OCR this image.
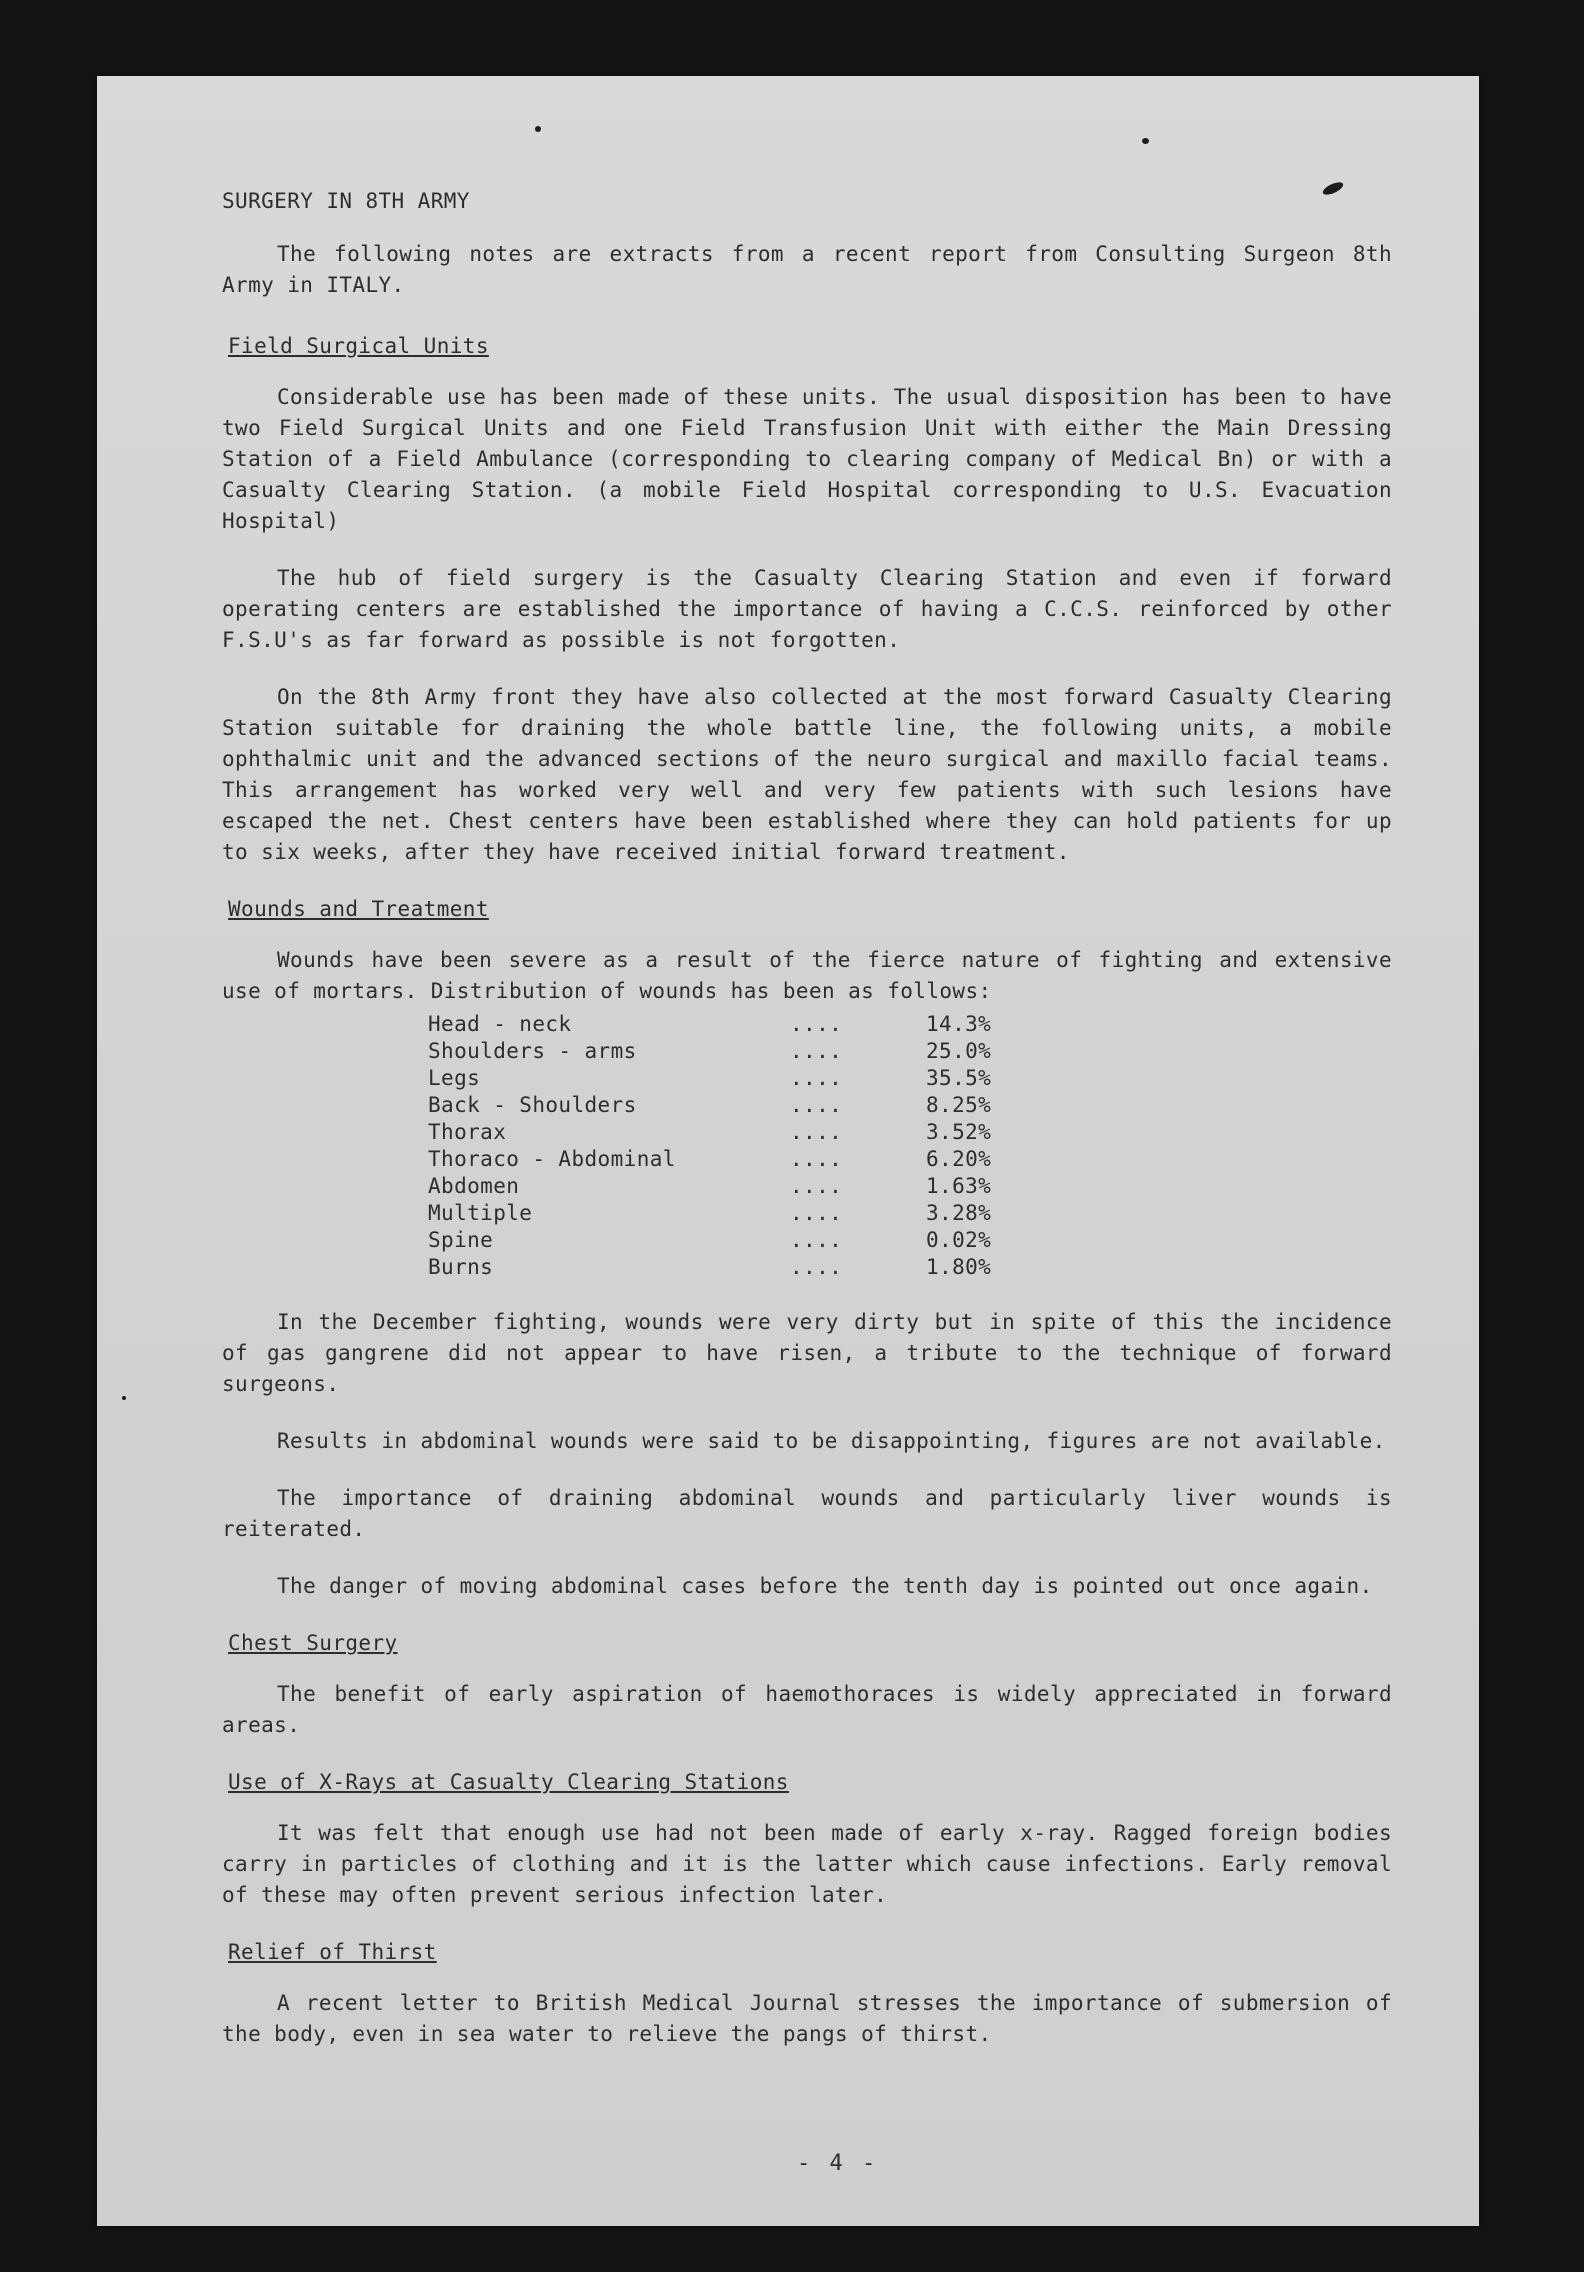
SURGERY IN 8TH ARMY

The following notes are extracts from a recent report from Consulting Surgeon 8th Army in ITALY.

Field Surgical Units

Considerable use has been made of these units. The usual disposition has been to have two Field Surgical Units and one Field Transfusion Unit with either the Main Dressing Station of a Field Ambulance (corresponding to clearing company of Medical Bn) or with a Casualty Clearing Station. (a mobile Field Hospital corresponding to U.S. Evacuation Hospital)

The hub of field surgery is the Casualty Clearing Station and even if forward operating centers are established the importance of having a C.C.S. reinforced by other F.S.U's as far forward as possible is not forgotten.

On the 8th Army front they have also collected at the most forward Casualty Clearing Station suitable for draining the whole battle line, the following units, a mobile ophthalmic unit and the advanced sections of the neuro surgical and maxillo facial teams. This arrangement has worked very well and very few patients with such lesions have escaped the net. Chest centers have been established where they can hold patients for up to six weeks, after they have received initial forward treatment.

Wounds and Treatment

Wounds have been severe as a result of the fierce nature of fighting and extensive use of mortars. Distribution of wounds has been as follows:

Head - neck	....	14.3%
Shoulders - arms	....	25.0%
Legs	....	35.5%
Back - Shoulders	....	8.25%
Thorax	....	3.52%
Thoraco - Abdominal	....	6.20%
Abdomen	....	1.63%
Multiple	....	3.28%
Spine	....	0.02%
Burns	....	1.80%

In the December fighting, wounds were very dirty but in spite of this the incidence of gas gangrene did not appear to have risen, a tribute to the technique of forward surgeons.

Results in abdominal wounds were said to be disappointing, figures are not available.

The importance of draining abdominal wounds and particularly liver wounds is reiterated.

The danger of moving abdominal cases before the tenth day is pointed out once again.

Chest Surgery

The benefit of early aspiration of haemothoraces is widely appreciated in forward areas.

Use of X-Rays at Casualty Clearing Stations

It was felt that enough use had not been made of early x-ray. Ragged foreign bodies carry in particles of clothing and it is the latter which cause infections. Early removal of these may often prevent serious infection later.

Relief of Thirst

A recent letter to British Medical Journal stresses the importance of submersion of the body, even in sea water to relieve the pangs of thirst.

- 4 -
